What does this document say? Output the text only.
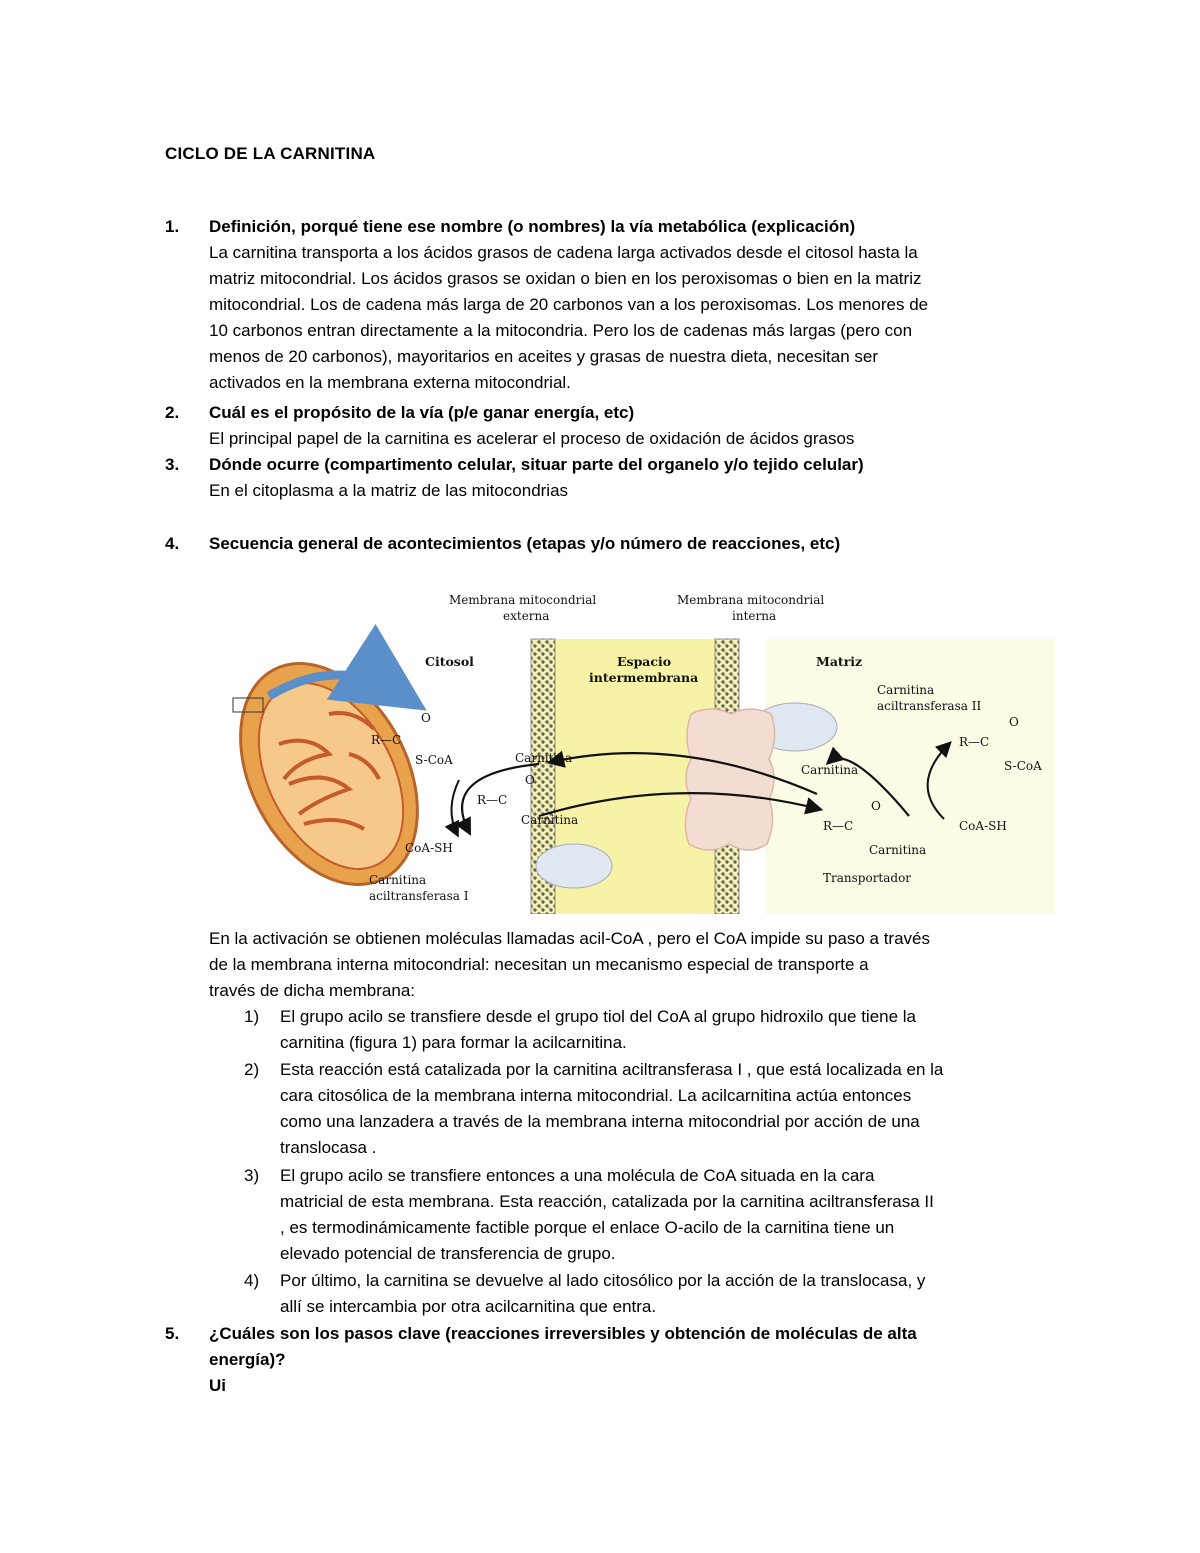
CICLO DE LA CARNITINA
1. Definición, porqué tiene ese nombre (o nombres) la vía metabólica (explicación)
La carnitina transporta a los ácidos grasos de cadena larga activados desde el citosol hasta la
matriz mitocondrial. Los ácidos grasos se oxidan o bien en los peroxisomas o bien en la matriz
mitocondrial. Los de cadena más larga de 20 carbonos van a los peroxisomas. Los menores de
10 carbonos entran directamente a la mitocondria. Pero los de cadenas más largas (pero con
menos de 20 carbonos), mayoritarios en aceites y grasas de nuestra dieta, necesitan ser
activados en la membrana externa mitocondrial.
2. Cuál es el propósito de la vía (p/e ganar energía, etc)
El principal papel de la carnitina es acelerar el proceso de oxidación de ácidos grasos
3. Dónde ocurre (compartimento celular, situar parte del organelo y/o tejido celular)
En el citoplasma a la matriz de las mitocondrias
4. Secuencia general de acontecimientos (etapas y/o número de reacciones, etc)
Membrana mitocondrial
externa
Membrana mitocondrial
interna
Citosol	Espacio
intermembrana
Matriz
Carnitina
aciltransferasa II
Carnitina
aciltransferasa I
Transportador
Carnitina
Carnitina
Carnitina
Carnitina
CoA-SH
CoA-SH
S-CoA	S-CoA
R—C
R—C
R—C
R—C
O
O
O
O
En la activación se obtienen moléculas llamadas acil-CoA , pero el CoA impide su paso a través
de la membrana interna mitocondrial: necesitan un mecanismo especial de transporte a
través de dicha membrana:
1) El grupo acilo se transfiere desde el grupo tiol del CoA al grupo hidroxilo que tiene la
carnitina (figura 1) para formar la acilcarnitina.
2) Esta reacción está catalizada por la carnitina aciltransferasa I , que está localizada en la
cara citosólica de la membrana interna mitocondrial. La acilcarnitina actúa entonces
como una lanzadera a través de la membrana interna mitocondrial por acción de una
translocasa .
3) El grupo acilo se transfiere entonces a una molécula de CoA situada en la cara
matricial de esta membrana. Esta reacción, catalizada por la carnitina aciltransferasa II
, es termodinámicamente factible porque el enlace O-acilo de la carnitina tiene un
elevado potencial de transferencia de grupo.
4) Por último, la carnitina se devuelve al lado citosólico por la acción de la translocasa, y
allí se intercambia por otra acilcarnitina que entra.
5. ¿Cuáles son los pasos clave (reacciones irreversibles y obtención de moléculas de alta
energía)?
Ui
